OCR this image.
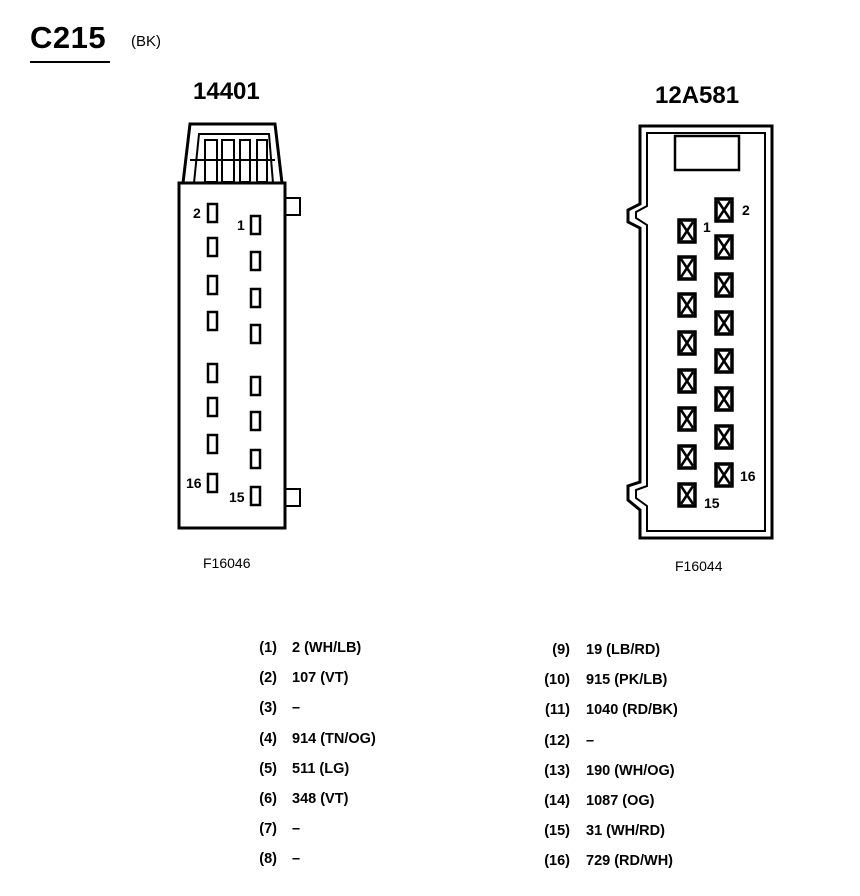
C215 (BK)
14401	12A581
2
1
16
15
2
1
16
15
F16046	F16044
(1) 2 (WH/LB)
(2) 107 (VT)
(3) –
(4) 914 (TN/OG)
(5) 511 (LG)
(6) 348 (VT)
(7) –
(8) –
(9) 19 (LB/RD)
(10) 915 (PK/LB)
(11) 1040 (RD/BK)
(12) –
(13) 190 (WH/OG)
(14) 1087 (OG)
(15) 31 (WH/RD)
(16) 729 (RD/WH)
